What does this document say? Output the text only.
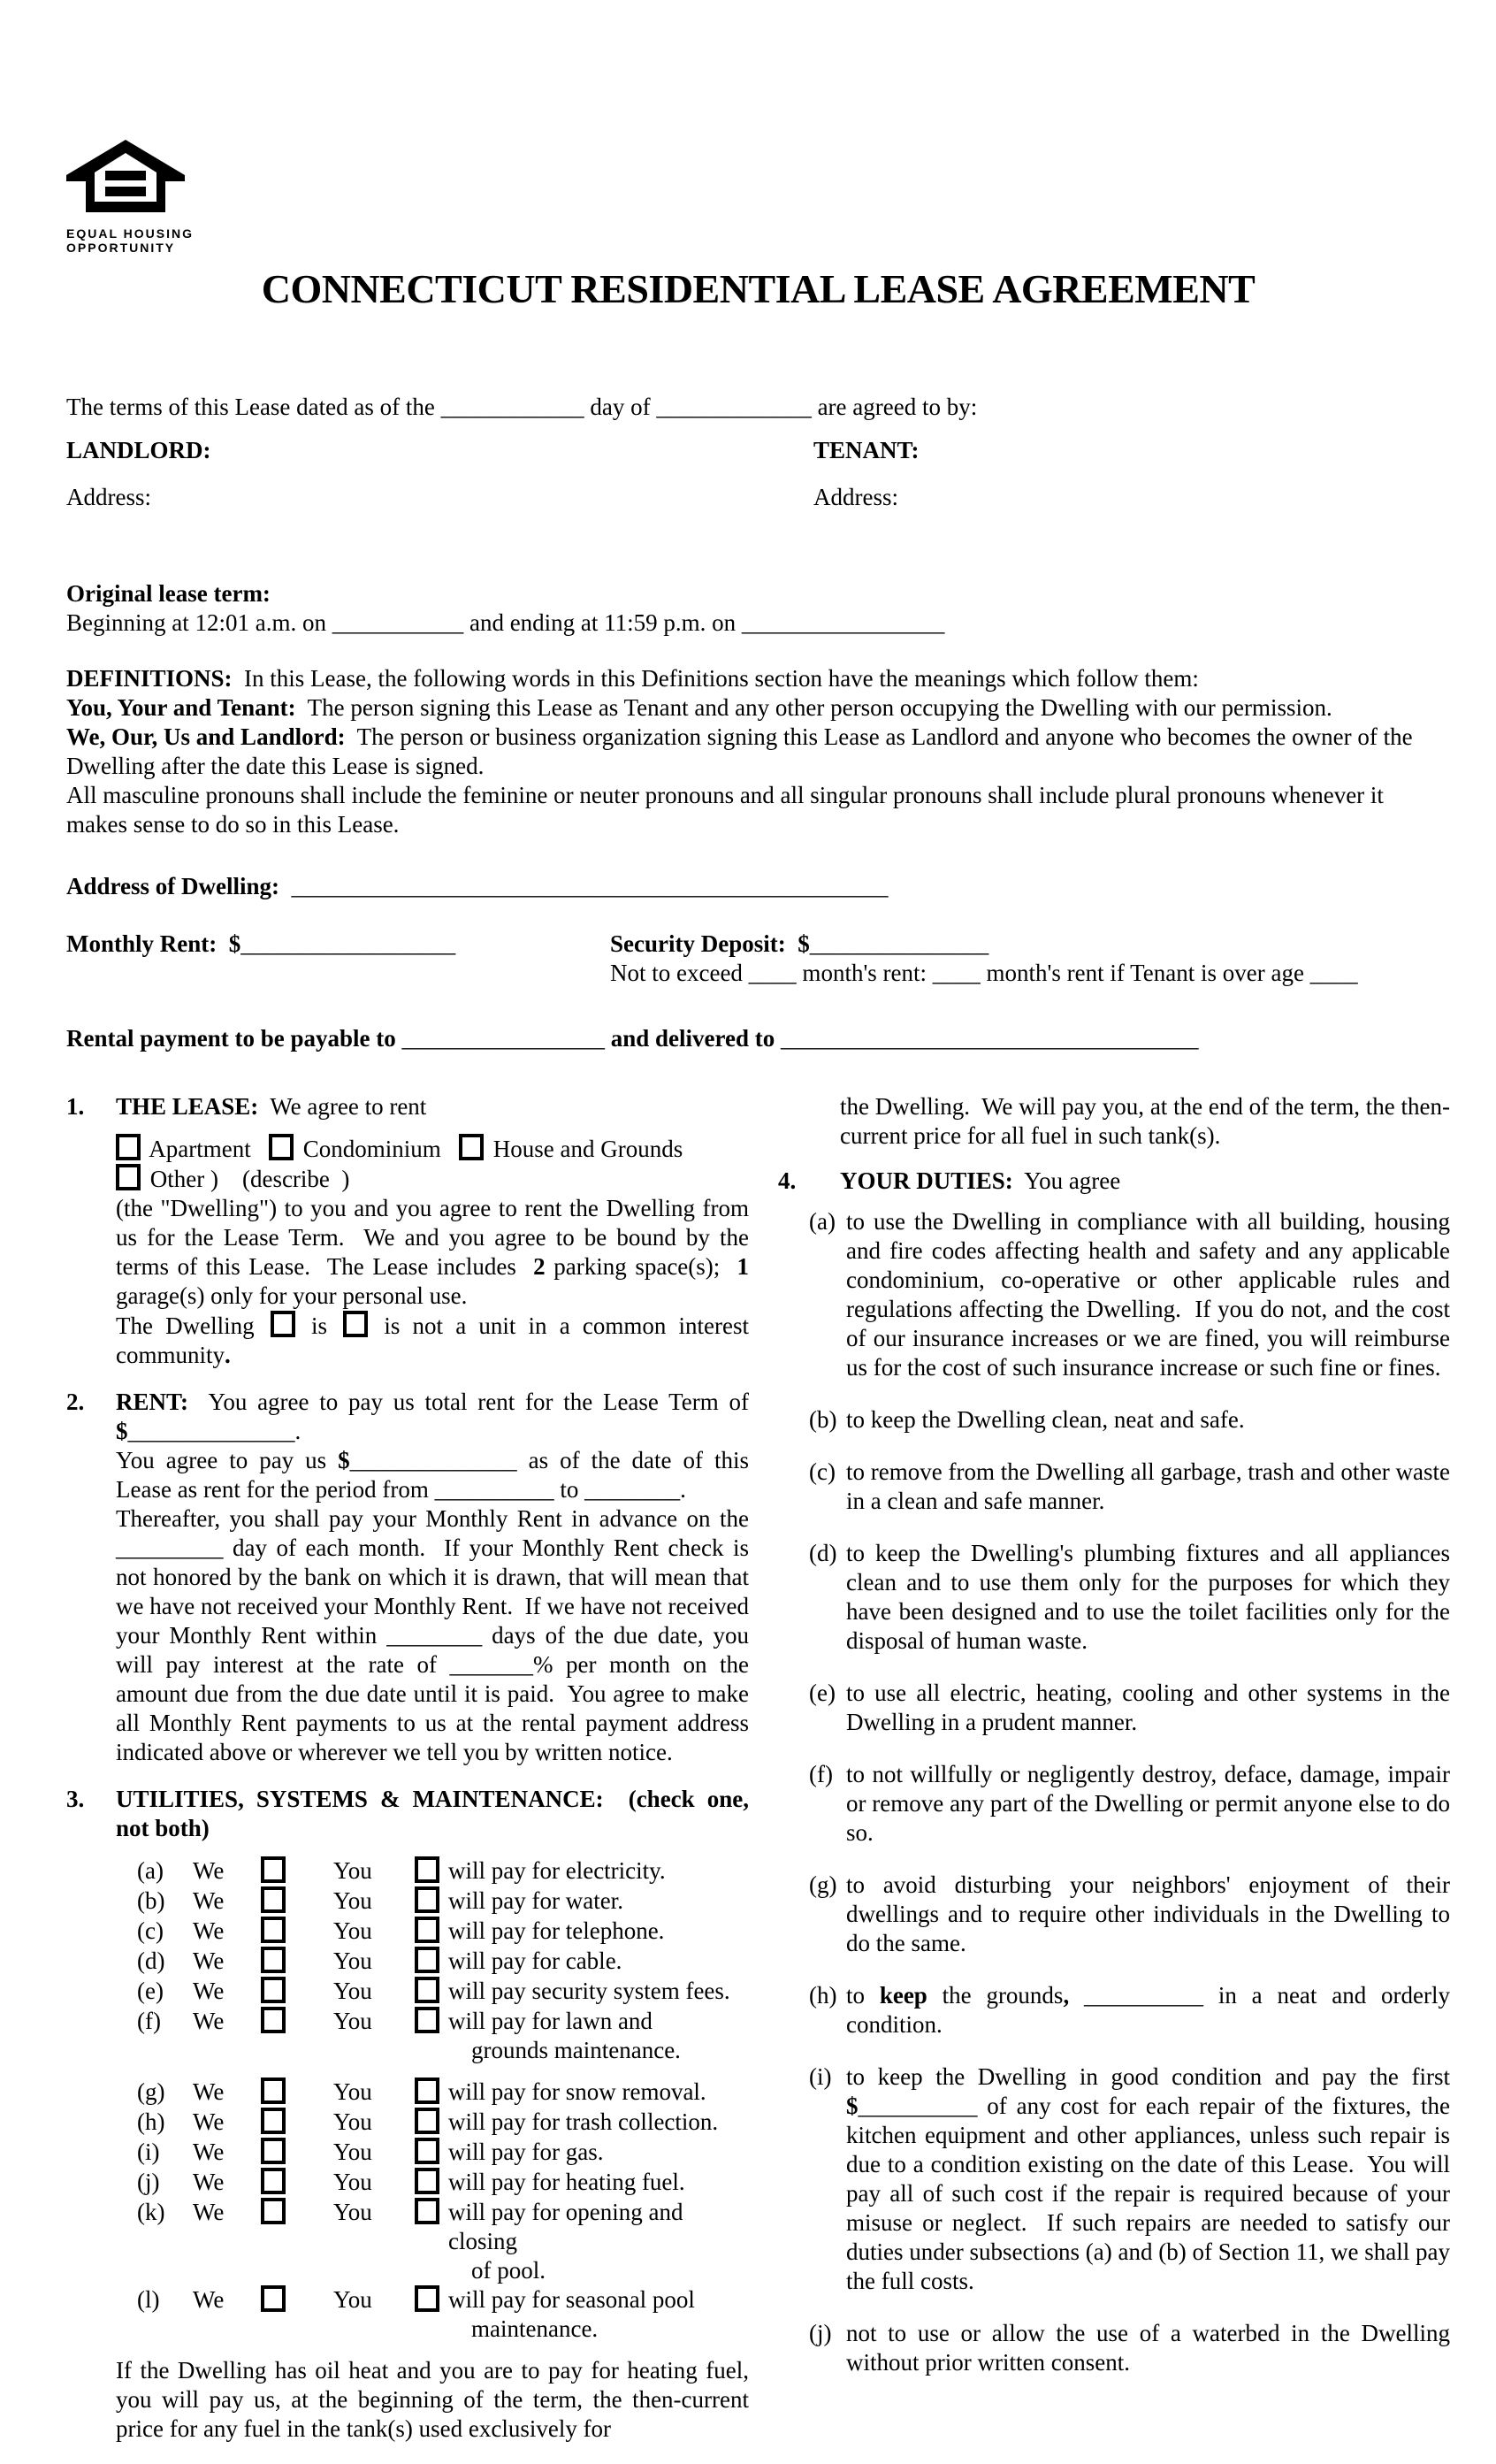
EQUAL HOUSING
OPPORTUNITY
CONNECTICUT RESIDENTIAL LEASE AGREEMENT

The terms of this Lease dated as of the ____________ day of _____________ are agreed to by:

LANDLORD:	TENANT:
Address:	Address:
Original lease term:
Beginning at 12:01 a.m. on ___________ and ending at 11:59 p.m. on _________________

DEFINITIONS:  In this Lease, the following words in this Definitions section have the meanings which follow them:

You, Your and Tenant:  The person signing this Lease as Tenant and any other person occupying the Dwelling with our permission.

We, Our, Us and Landlord:  The person or business organization signing this Lease as Landlord and anyone who becomes the owner of the Dwelling after the date this Lease is signed.

All masculine pronouns shall include the feminine or neuter pronouns and all singular pronouns shall include plural pronouns whenever it makes sense to do so in this Lease.

Address of Dwelling:  __________________________________________________

Monthly Rent:  $__________________	Security Deposit:  $_______________

Not to exceed ____ month's rent: ____ month's rent if Tenant is over age ____

Rental payment to be payable to _________________ and delivered to ___________________________________

1.	THE LEASE:  We agree to rent

Apartment    Condominium    House and Grounds

Other )    (describe  )

(the "Dwelling") to you and you agree to rent the Dwelling from us for the Lease Term.  We and you agree to be bound by the terms of this Lease.  The Lease includes  2 parking space(s);  1 garage(s) only for your personal use.

The Dwelling  is  is not a unit in a common interest community.

2.	RENT:  You agree to pay us total rent for the Lease Term of $______________.

You agree to pay us $______________ as of the date of this Lease as rent for the period from __________ to ________.

Thereafter, you shall pay your Monthly Rent in advance on the _________ day of each month.  If your Monthly Rent check is not honored by the bank on which it is drawn, that will mean that we have not received your Monthly Rent.  If we have not received your Monthly Rent within ________ days of the due date, you will pay interest at the rate of _______% per month on the amount due from the due date until it is paid.  You agree to make all Monthly Rent payments to us at the rental payment address indicated above or wherever we tell you by written notice.

3.	UTILITIES, SYSTEMS & MAINTENANCE:  (check one, not both)

(a)	We	You	will pay for electricity.
(b)	We	You	will pay for water.
(c)	We	You	will pay for telephone.
(d)	We	You	will pay for cable.
(e)	We	You	will pay security system fees.
(f)	We	You	will pay for lawn and
grounds maintenance.
(g)	We	You	will pay for snow removal.
(h)	We	You	will pay for trash collection.
(i)	We	You	will pay for gas.
(j)	We	You	will pay for heating fuel.
(k)	We	You	will pay for opening and closing
of pool.
(l)	We	You	will pay for seasonal pool
maintenance.

If the Dwelling has oil heat and you are to pay for heating fuel, you will pay us, at the beginning of the term, the then-current price for any fuel in the tank(s) used exclusively for

the Dwelling.  We will pay you, at the end of the term, the then-current price for all fuel in such tank(s).

4.	YOUR DUTIES:  You agree

(a) to use the Dwelling in compliance with all building, housing and fire codes affecting health and safety and any applicable condominium, co-operative or other applicable rules and regulations affecting the Dwelling.  If you do not, and the cost of our insurance increases or we are fined, you will reimburse us for the cost of such insurance increase or such fine or fines.

(b) to keep the Dwelling clean, neat and safe.

(c) to remove from the Dwelling all garbage, trash and other waste in a clean and safe manner.

(d) to keep the Dwelling's plumbing fixtures and all appliances clean and to use them only for the purposes for which they have been designed and to use the toilet facilities only for the disposal of human waste.

(e) to use all electric, heating, cooling and other systems in the Dwelling in a prudent manner.

(f) to not willfully or negligently destroy, deface, damage, impair or remove any part of the Dwelling or permit anyone else to do so.

(g) to avoid disturbing your neighbors' enjoyment of their dwellings and to require other individuals in the Dwelling to do the same.

(h) to keep the grounds, __________ in a neat and orderly condition.

(i) to keep the Dwelling in good condition and pay the first $__________ of any cost for each repair of the fixtures, the kitchen equipment and other appliances, unless such repair is due to a condition existing on the date of this Lease.  You will pay all of such cost if the repair is required because of your misuse or neglect.  If such repairs are needed to satisfy our duties under subsections (a) and (b) of Section 11, we shall pay the full costs.

(j) not to use or allow the use of a waterbed in the Dwelling without prior written consent.
